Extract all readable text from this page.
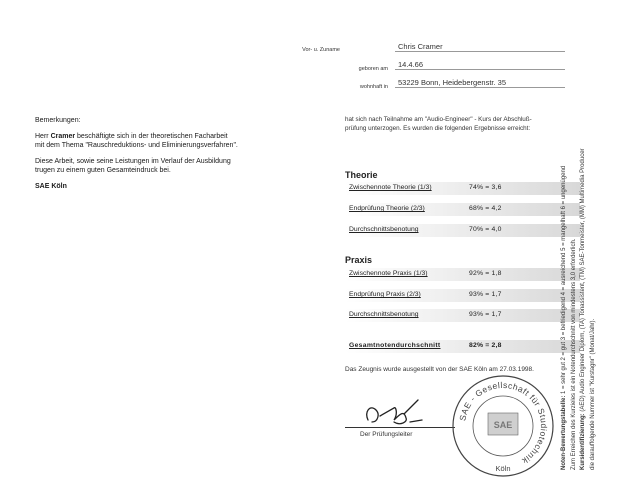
Bemerkungen:

Herr Cramer beschäftigte sich in der theoretischen Facharbeit
mit dem Thema "Rauschreduktions- und Eliminierungsverfahren".

Diese Arbeit, sowie seine Leistungen im Verlauf der Ausbildung
trugen zu einem guten Gesamteindruck bei.

SAE Köln

Vor- u. Zuname	Chris Cramer
geboren am	14.4.66
wohnhaft in	53229 Bonn, Heidebergenstr. 35
hat sich nach Teilnahme am "Audio-Engineer" - Kurs der Abschluß-
prüfung unterzogen. Es wurden die folgenden Ergebnisse erreicht:
Theorie
Zwischennote Theorie (1/3)	74% = 3,6
Endprüfung Theorie (2/3)	68% = 4,2
Durchschnittsbenotung	70% = 4,0
Praxis
Zwischennote Praxis (1/3)	92% = 1,8
Endprüfung Praxis (2/3)	93% = 1,7
Durchschnittsbenotung	93% = 1,7
Gesamtnotendurchschnitt	82% = 2,8
Das Zeugnis wurde ausgestellt von der SAE Köln am 27.03.1998.
Der Prüfungsleiter
SAE - Gesellschaft für Studiotechnik
SAE
Köln	Noten-Bewertungstabelle: 1 = sehr gut 2 = gut 3 = befriedigend 4 = ausreichend 5 = mangelhaft 6 = ungenügend Zum Erreichen des Kurzieles ist ein Notendurchschnitt von mindestens 3,0 erforderlich. Kursidentifizierung: (AED) Audio Engineer Diplom, (TA) Tonassistent, (TM) SAE-Tonmeister, (MM) Multimedia Producer die darauffolgende Nummer ist "Kurstagnr" (Monat/Jahr).
